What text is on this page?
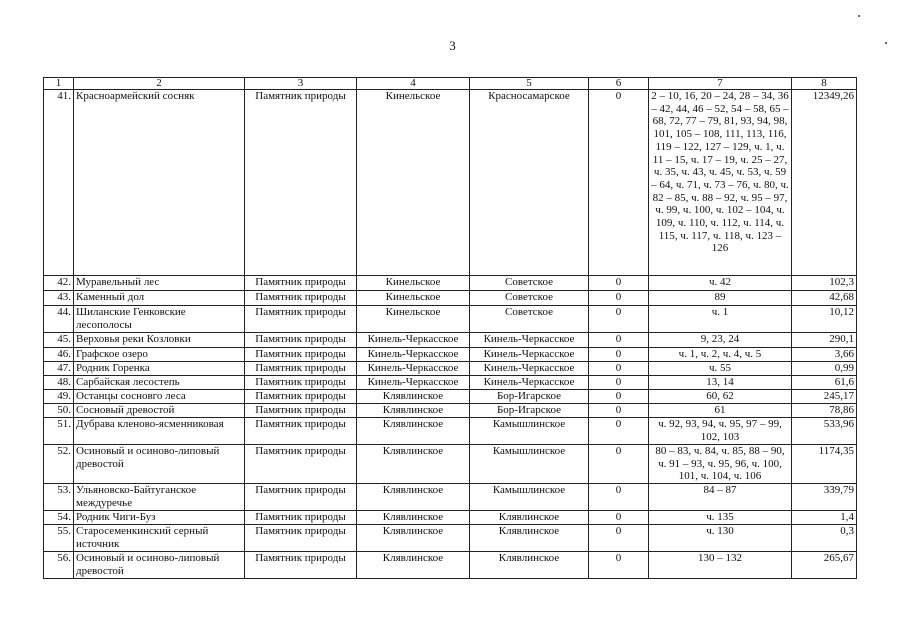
3
1	2	3	4	5	6	7	8
41.	Красноармейский сосняк	Памятник природы	Кинельское	Красносамарское	0	2 – 10, 16, 20 – 24, 28 – 34, 36 – 42, 44, 46 – 52, 54 – 58, 65 – 68, 72, 77 – 79, 81, 93, 94, 98, 101, 105 – 108, 111, 113, 116, 119 – 122, 127 – 129, ч. 1, ч. 11 – 15, ч. 17 – 19, ч. 25 – 27, ч. 35, ч. 43, ч. 45, ч. 53, ч. 59 – 64, ч. 71, ч. 73 – 76, ч. 80, ч. 82 – 85, ч. 88 – 92, ч. 95 – 97, ч. 99, ч. 100, ч. 102 – 104, ч. 109, ч. 110, ч. 112, ч. 114, ч. 115, ч. 117, ч. 118, ч. 123 – 126	12349,26
42.	Муравельный лес	Памятник природы	Кинельское	Советское	0	ч. 42	102,3
43.	Каменный дол	Памятник природы	Кинельское	Советское	0	89	42,68
44.	Шиланские Генковские лесополосы	Памятник природы	Кинельское	Советское	0	ч. 1	10,12
45.	Верховья реки Козловки	Памятник природы	Кинель-Черкасское	Кинель-Черкасское	0	9, 23, 24	290,1
46.	Графское озеро	Памятник природы	Кинель-Черкасское	Кинель-Черкасское	0	ч. 1, ч. 2, ч. 4, ч. 5	3,66
47.	Родник Горенка	Памятник природы	Кинель-Черкасское	Кинель-Черкасское	0	ч. 55	0,99
48.	Сарбайская лесостепь	Памятник природы	Кинель-Черкасское	Кинель-Черкасское	0	13, 14	61,6
49.	Останцы сосновго леса	Памятник природы	Клявлинское	Бор-Игарское	0	60, 62	245,17
50.	Сосновый древостой	Памятник природы	Клявлинское	Бор-Игарское	0	61	78,86
51.	Дубрава кленово-ясменниковая	Памятник природы	Клявлинское	Камышлинское	0	ч. 92, 93, 94, ч. 95, 97 – 99, 102, 103	533,96
52.	Осиновый и осиново-липовый древостой	Памятник природы	Клявлинское	Камышлинское	0	80 – 83, ч. 84, ч. 85, 88 – 90, ч. 91 – 93, ч. 95, 96, ч. 100, 101, ч. 104, ч. 106	1174,35
53.	Ульяновско-Байтуганское междуречье	Памятник природы	Клявлинское	Камышлинское	0	84 – 87	339,79
54.	Родник Чиги-Буз	Памятник природы	Клявлинское	Клявлинское	0	ч. 135	1,4
55.	Старосеменкинский серный источник	Памятник природы	Клявлинское	Клявлинское	0	ч. 130	0,3
56.	Осиновый и осиново-липовый древостой	Памятник природы	Клявлинское	Клявлинское	0	130 – 132	265,67
